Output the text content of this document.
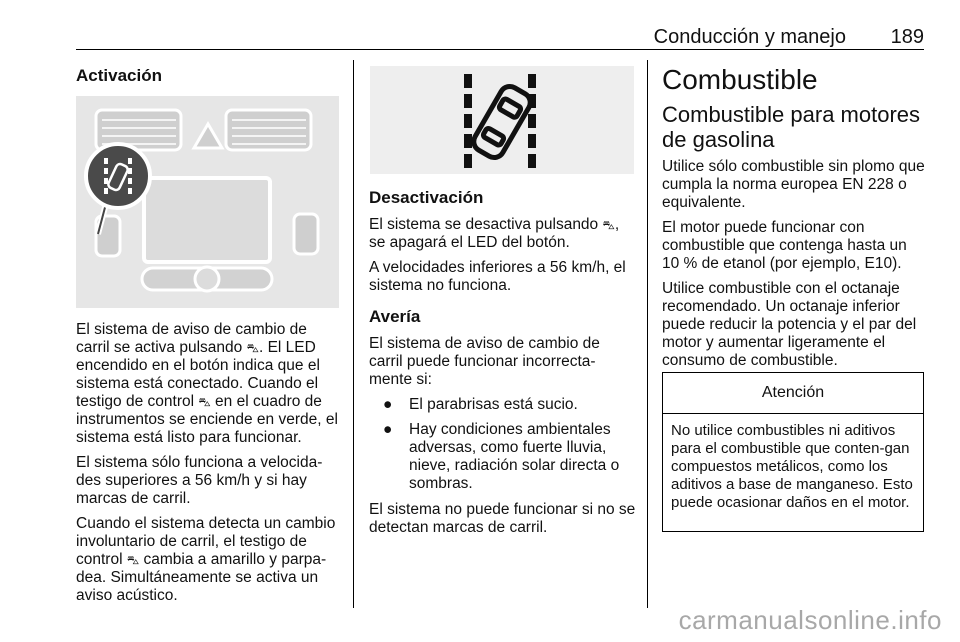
Conducción y manejo 189
Activación

El sistema de aviso de cambio de carril se activa pulsando ⛍. El LED encendido en el botón indica que el sistema está conectado. Cuando el testigo de control ⛍ en el cuadro de instrumentos se enciende en verde, el sistema está listo para funcionar.

El sistema sólo funciona a velocida-des superiores a 56 km/h y si hay marcas de carril.

Cuando el sistema detecta un cambio involuntario de carril, el testigo de control ⛍ cambia a amarillo y parpa-dea. Simultáneamente se activa un aviso acústico.

Desactivación

El sistema se desactiva pulsando ⛍, se apagará el LED del botón.

A velocidades inferiores a 56 km/h, el sistema no funciona.

Avería

El sistema de aviso de cambio de carril puede funcionar incorrecta-mente si:

● El parabrisas está sucio.
● Hay condiciones ambientales adversas, como fuerte lluvia, nieve, radiación solar directa o sombras.

El sistema no puede funcionar si no se detectan marcas de carril.

Combustible
Combustible para motores de gasolina

Utilice sólo combustible sin plomo que cumpla la norma europea EN 228 o equivalente.

El motor puede funcionar con combustible que contenga hasta un 10 % de etanol (por ejemplo, E10).

Utilice combustible con el octanaje recomendado. Un octanaje inferior puede reducir la potencia y el par del motor y aumentar ligeramente el consumo de combustible.

Atención
No utilice combustibles ni aditivos para el combustible que conten-gan compuestos metálicos, como los aditivos a base de manganeso. Esto puede ocasionar daños en el motor.
carmanualsonline.info
